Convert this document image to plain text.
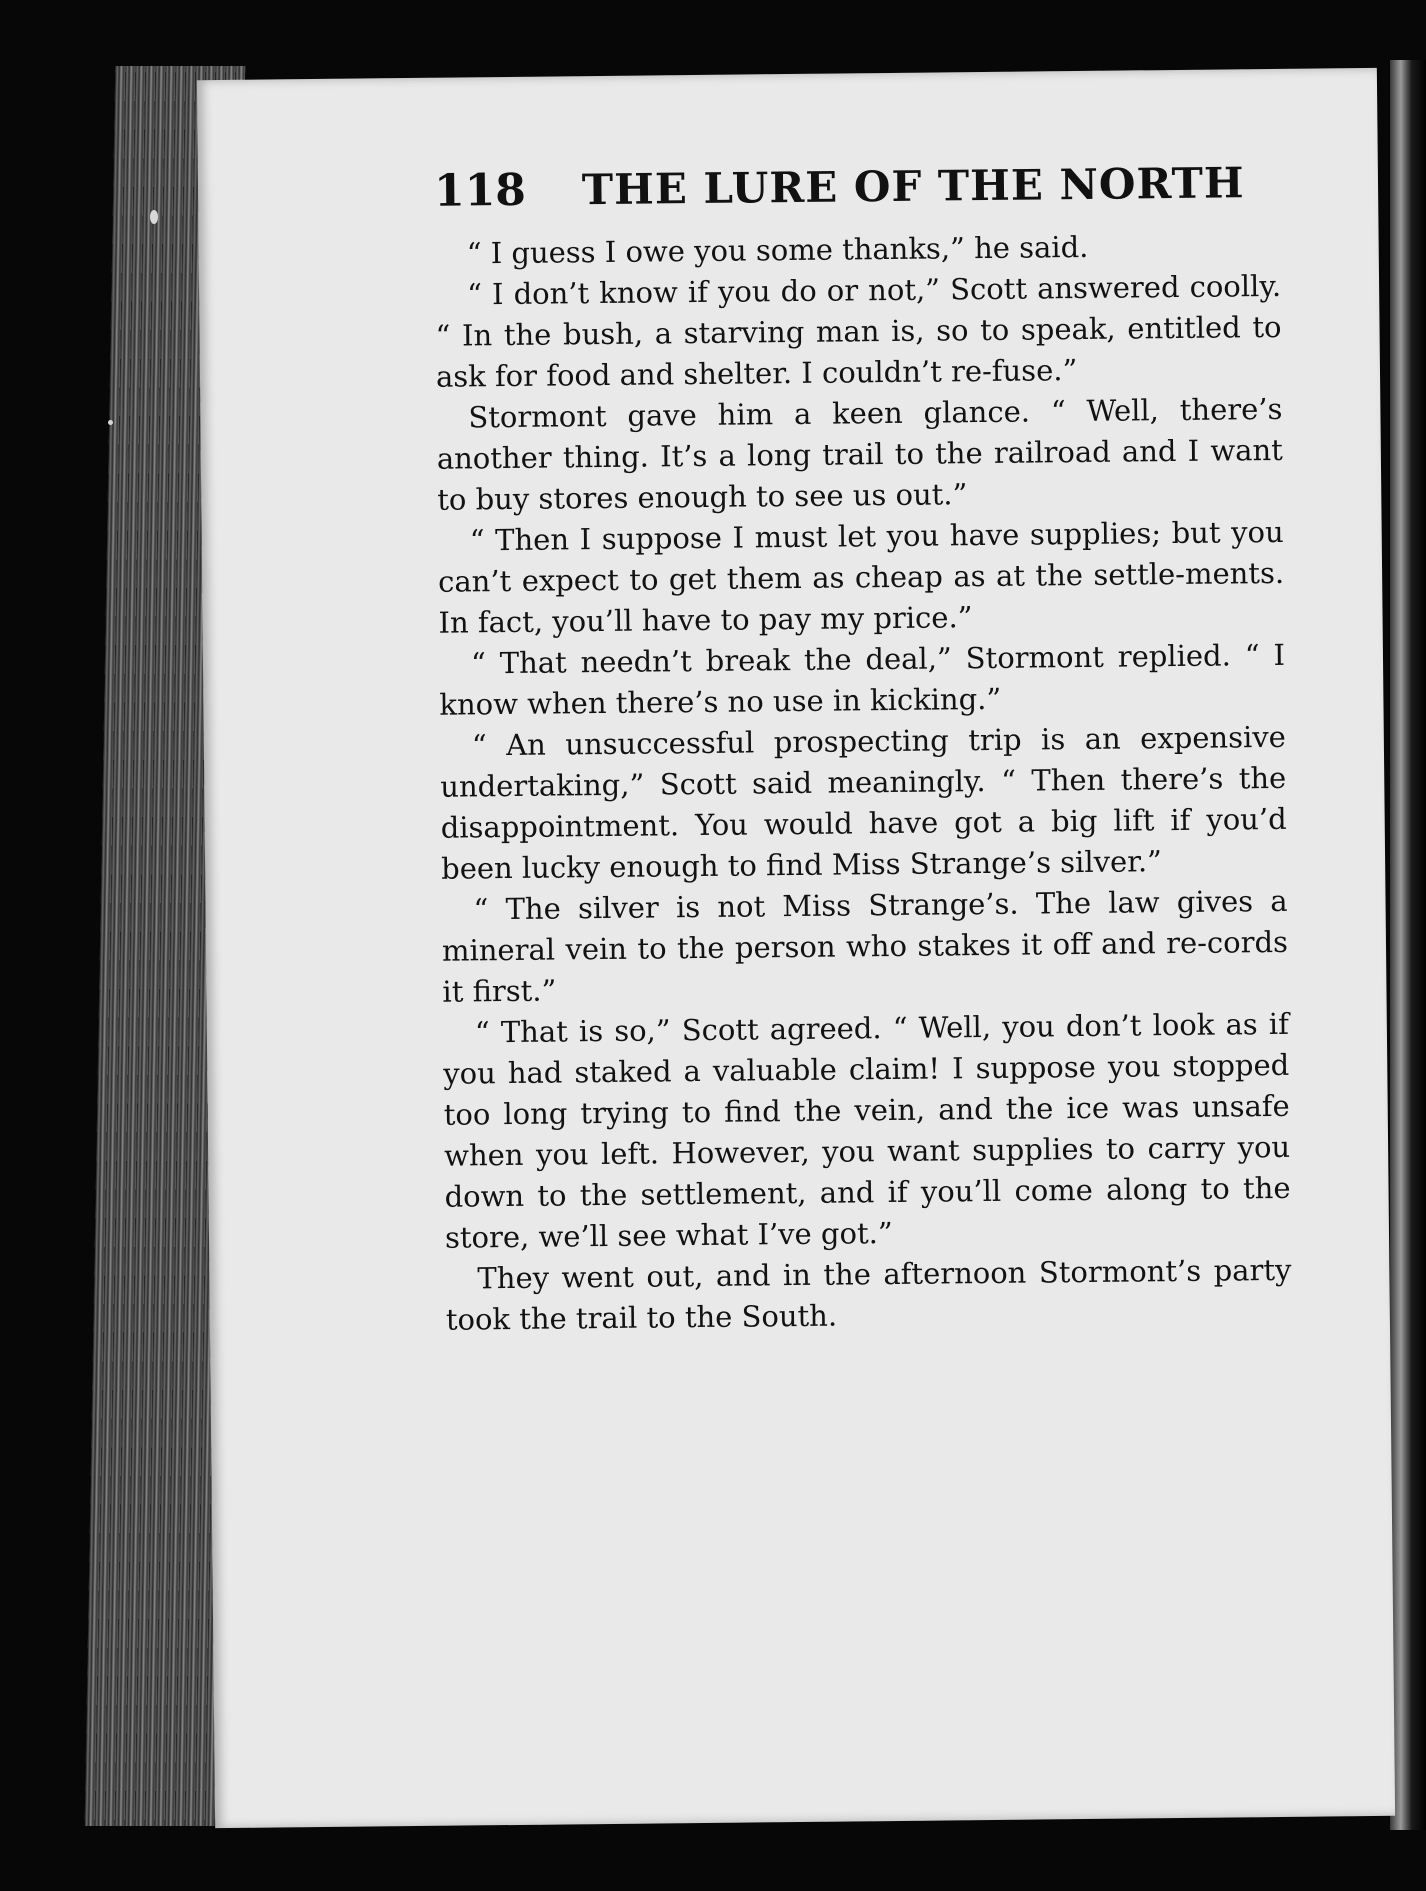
118 THE LURE OF THE NORTH

“ I guess I owe you some thanks,” he said.

“ I don’t know if you do or not,” Scott answered coolly. “ In the bush, a starving man is, so to speak, entitled to ask for food and shelter. I couldn’t re-fuse.”

Stormont gave him a keen glance. “ Well, there’s another thing. It’s a long trail to the railroad and I want to buy stores enough to see us out.”

“ Then I suppose I must let you have supplies; but you can’t expect to get them as cheap as at the settle-ments. In fact, you’ll have to pay my price.”

“ That needn’t break the deal,” Stormont replied. “ I know when there’s no use in kicking.”

“ An unsuccessful prospecting trip is an expensive undertaking,” Scott said meaningly. “ Then there’s the disappointment. You would have got a big lift if you’d been lucky enough to find Miss Strange’s silver.”

“ The silver is not Miss Strange’s. The law gives a mineral vein to the person who stakes it off and re-cords it first.”

“ That is so,” Scott agreed. “ Well, you don’t look as if you had staked a valuable claim! I suppose you stopped too long trying to find the vein, and the ice was unsafe when you left. However, you want supplies to carry you down to the settlement, and if you’ll come along to the store, we’ll see what I’ve got.”

They went out, and in the afternoon Stormont’s party took the trail to the South.
